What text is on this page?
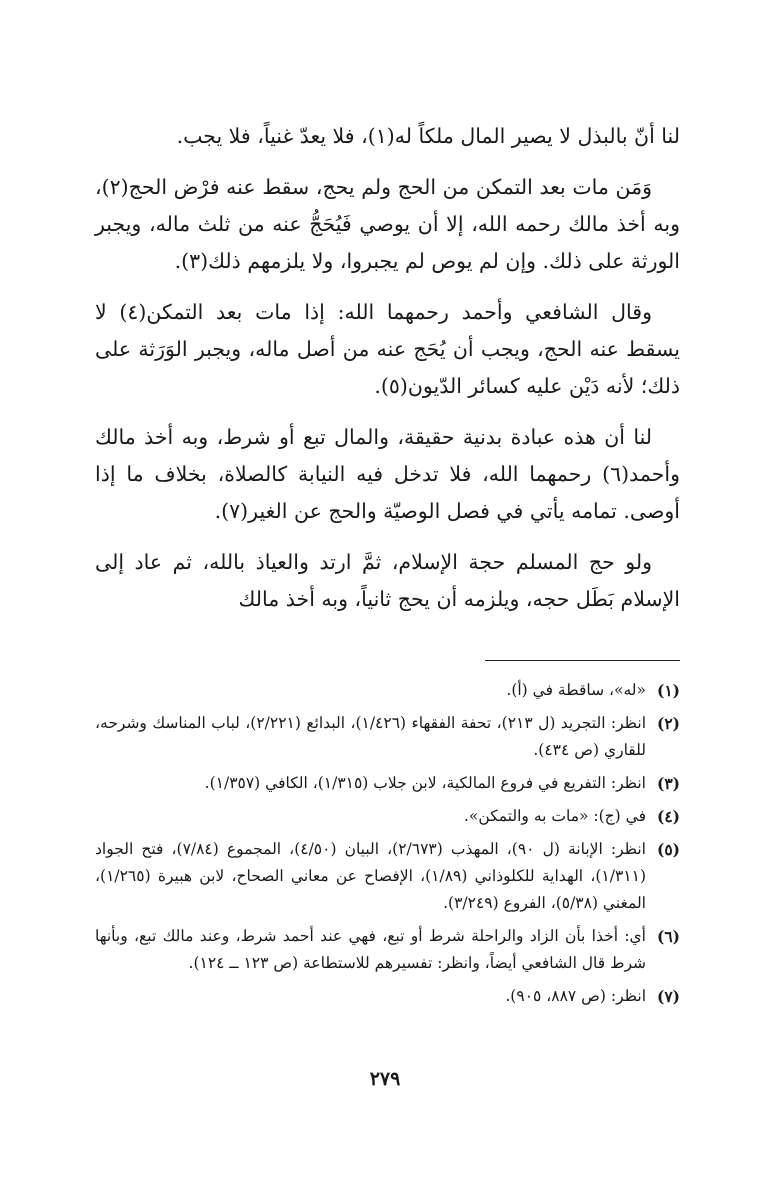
لنا أنّ بالبذل لا يصير المال ملكاً له(١)، فلا يعدّ غنياً، فلا يجب.

وَمَن مات بعد التمكن من الحج ولم يحج، سقط عنه فرْض الحج(٢)، وبه أخذ مالك رحمه الله، إلا أن يوصي فَيُحَجُّ عنه من ثلث ماله، ويجبر الورثة على ذلك. وإن لم يوص لم يجبروا، ولا يلزمهم ذلك(٣).

وقال الشافعي وأحمد رحمهما الله: إذا مات بعد التمكن(٤) لا يسقط عنه الحج، ويجب أن يُحَج عنه من أصل ماله، ويجبر الوَرَثة على ذلك؛ لأنه دَيْن عليه كسائر الدّيون(٥).

لنا أن هذه عبادة بدنية حقيقة، والمال تبع أو شرط، وبه أخذ مالك وأحمد(٦) رحمهما الله، فلا تدخل فيه النيابة كالصلاة، بخلاف ما إذا أوصى. تمامه يأتي في فصل الوصيّة والحج عن الغير(٧).

ولو حج المسلم حجة الإسلام، ثمَّ ارتد والعياذ بالله، ثم عاد إلى الإسلام بَطَل حجه، ويلزمه أن يحج ثانياً، وبه أخذ مالك

(١)
«له»، ساقطة في (أ).
(٢)
انظر: التجريد (ل ٢١٣)، تحفة الفقهاء (١/٤٢٦)، البدائع (٢/٢٢١)، لباب المناسك وشرحه، للقاري (ص ٤٣٤).
(٣)
انظر: التفريع في فروع المالكية، لابن جلاب (١/٣١٥)، الكافي (١/٣٥٧).
(٤)
في (ج): «مات به والتمكن».
(٥)
انظر: الإبانة (ل ٩٠)، المهذب (٢/٦٧٣)، البيان (٤/٥٠)، المجموع (٧/٨٤)، فتح الجواد (١/٣١١)، الهداية للكلوذاني (١/٨٩)، الإفصاح عن معاني الصحاح، لابن هبيرة (١/٢٦٥)، المغني (٥/٣٨)، الفروع (٣/٢٤٩).
(٦)
أي: أخذا بأن الزاد والراحلة شرط أو تبع، فهي عند أحمد شرط، وعند مالك تبع، وبأنها شرط قال الشافعي أيضاً، وانظر: تفسيرهم للاستطاعة (ص ١٢٣ ــ ١٢٤).
(٧)
انظر: (ص ٨٨٧، ٩٠٥).
٢٧٩
